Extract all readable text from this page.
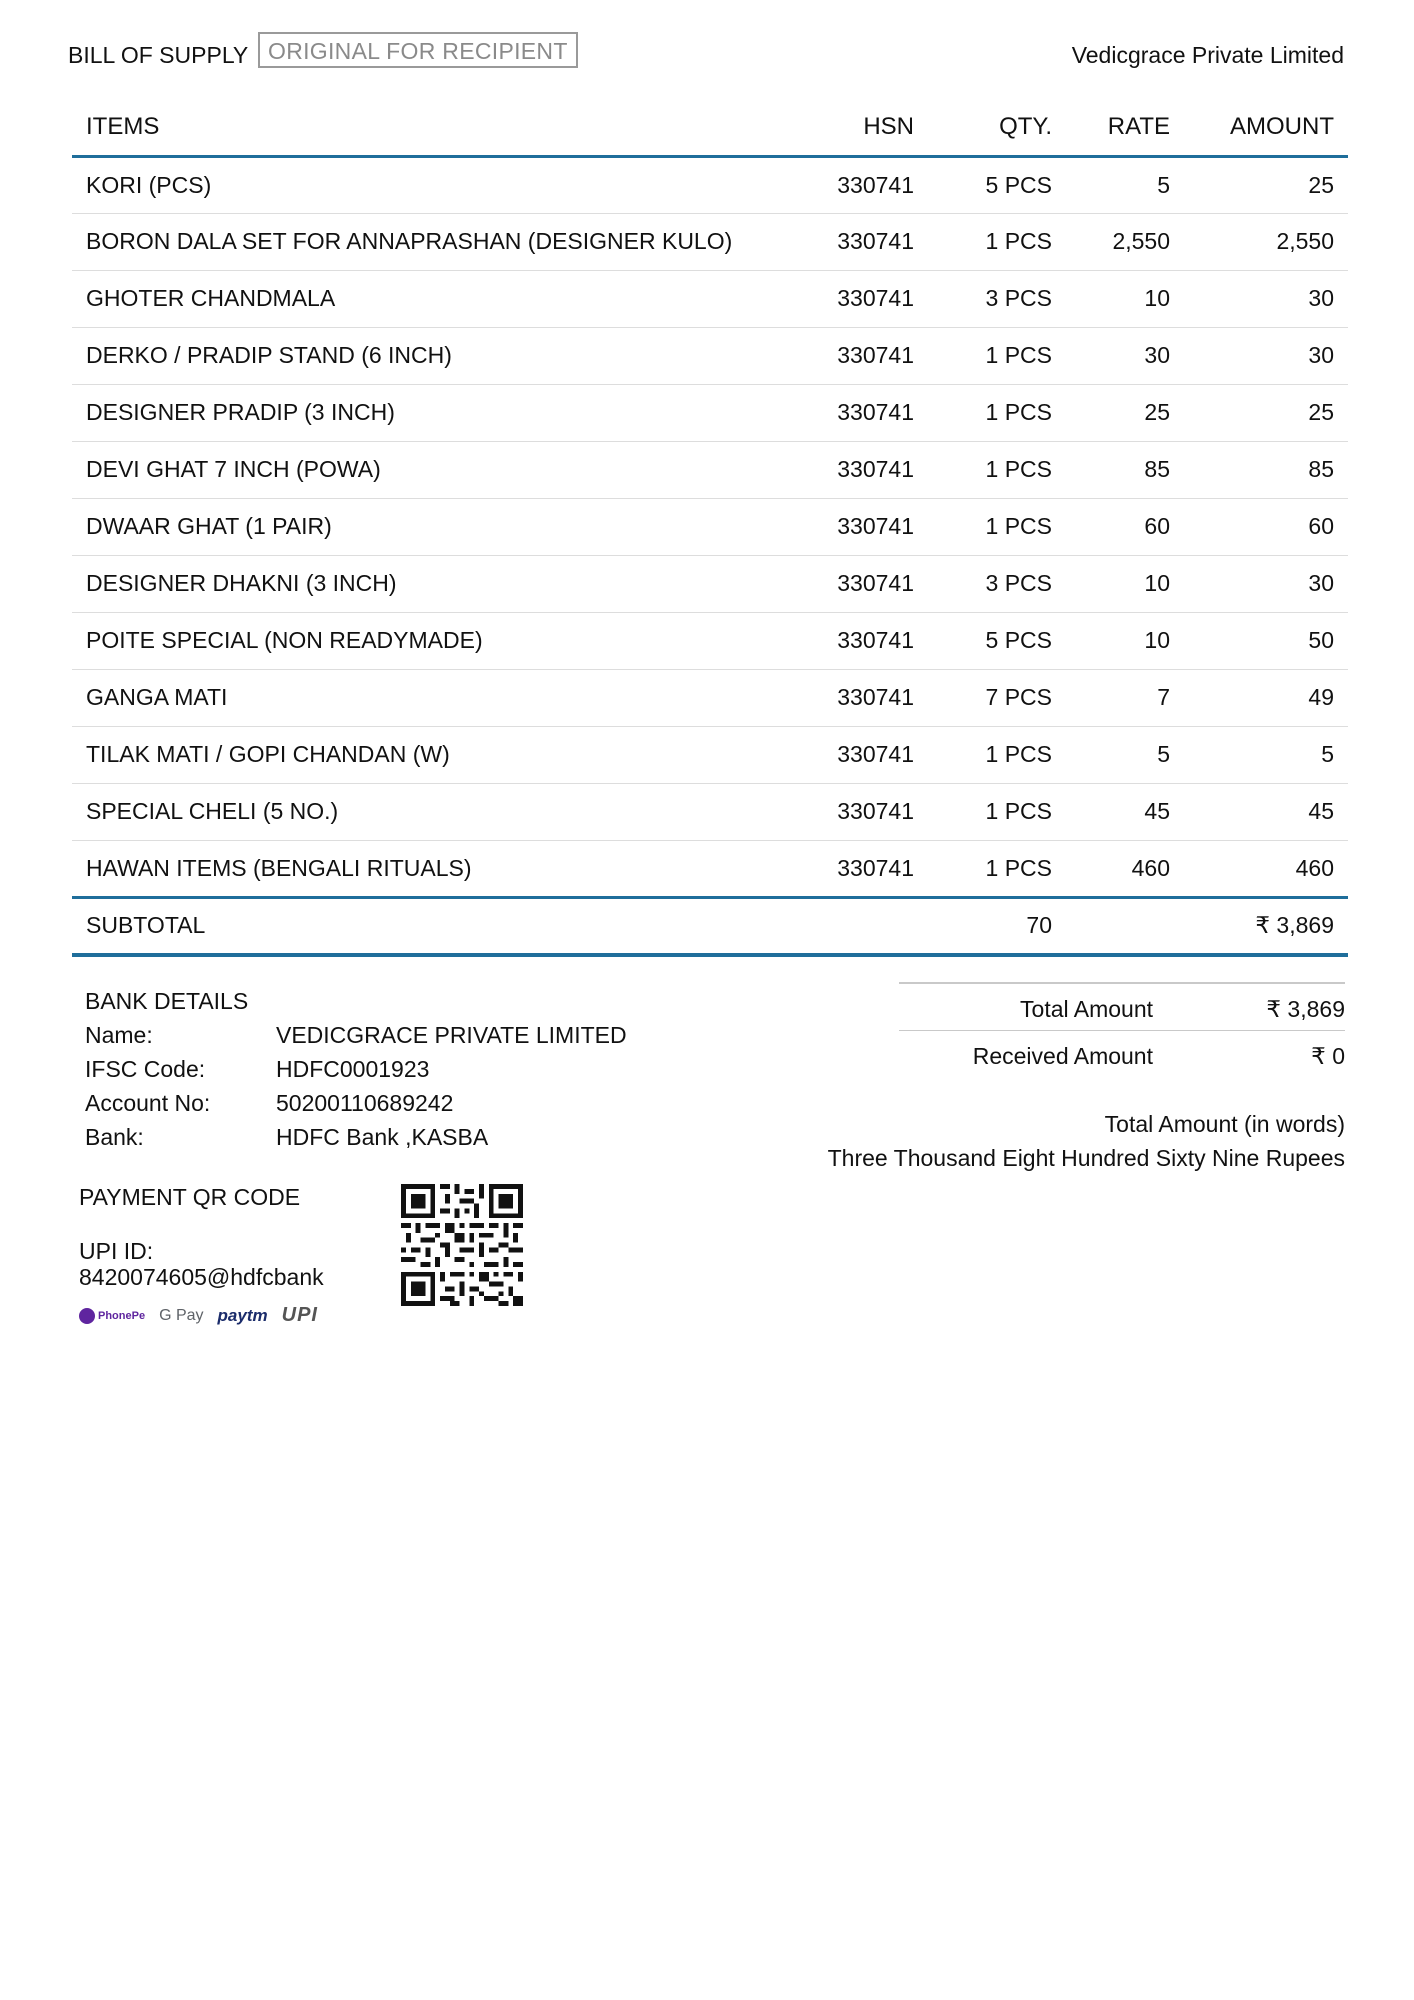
BILL OF SUPPLY ORIGINAL FOR RECIPIENT	Vedicgrace Private Limited
ITEMS	HSN	QTY.	RATE	AMOUNT
KORI (PCS)	330741	5 PCS	5	25
BORON DALA SET FOR ANNAPRASHAN (DESIGNER KULO)	330741	1 PCS	2,550	2,550
GHOTER CHANDMALA	330741	3 PCS	10	30
DERKO / PRADIP STAND (6 INCH)	330741	1 PCS	30	30
DESIGNER PRADIP (3 INCH)	330741	1 PCS	25	25
DEVI GHAT 7 INCH (POWA)	330741	1 PCS	85	85
DWAAR GHAT (1 PAIR)	330741	1 PCS	60	60
DESIGNER DHAKNI (3 INCH)	330741	3 PCS	10	30
POITE SPECIAL (NON READYMADE)	330741	5 PCS	10	50
GANGA MATI	330741	7 PCS	7	49
TILAK MATI / GOPI CHANDAN (W)	330741	1 PCS	5	5
SPECIAL CHELI (5 NO.)	330741	1 PCS	45	45
HAWAN ITEMS (BENGALI RITUALS)	330741	1 PCS	460	460
SUBTOTAL		70		₹ 3,869
BANK DETAILS
Name:	VEDICGRACE PRIVATE LIMITED
IFSC Code:	HDFC0001923
Account No:	50200110689242
Bank:	HDFC Bank ,KASBA
PAYMENT QR CODE
UPI ID:
8420074605@hdfcbank
PhonePe G Pay paytm UPI
Total Amount	₹ 3,869
Received Amount	₹ 0
Total Amount (in words)
Three Thousand Eight Hundred Sixty Nine Rupees
